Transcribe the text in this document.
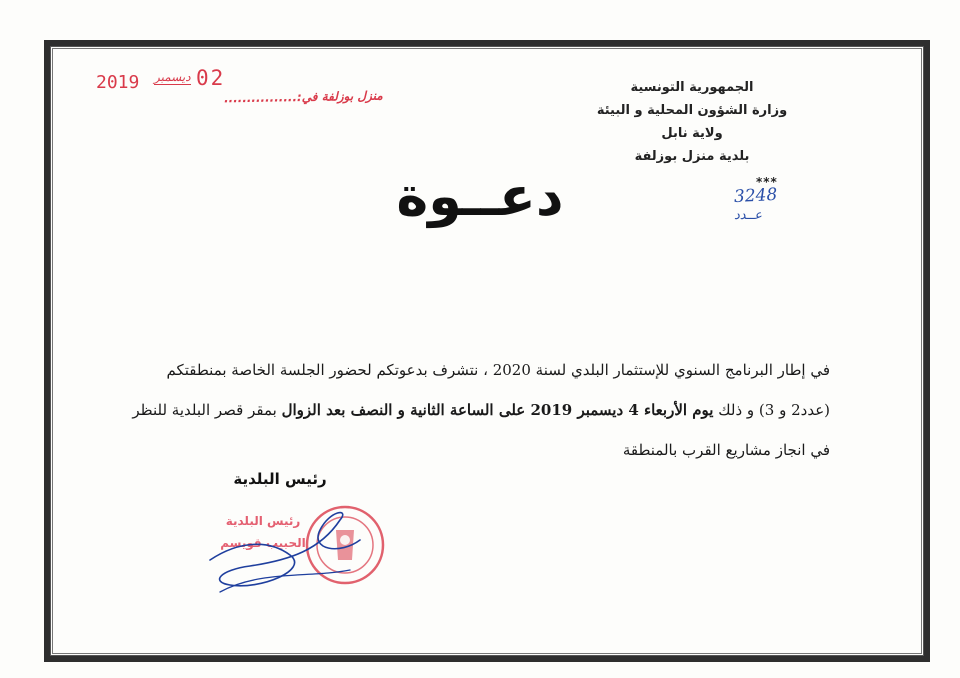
2019 ديسمبر 02
منزل بوزلفة في:................
الجمهورية التونسية
وزارة الشؤون المحلية و البيئة
ولاية نابل
بلدية منزل بوزلفة
***
3248
عــدد
دعــوة
في إطار البرنامج السنوي للإستثمار البلدي لسنة 2020 ، نتشرف بدعوتكم لحضور الجلسة الخاصة بمنطقتكم
(عدد2 و 3) و ذلك يوم الأربعاء 4 ديسمبر 2019 على الساعة الثانية و النصف بعد الزوال بمقر قصر البلدية للنظر
في انجاز مشاريع القرب بالمنطقة
رئيس البلدية
رئيس البلدية
الحبيب قويسم
